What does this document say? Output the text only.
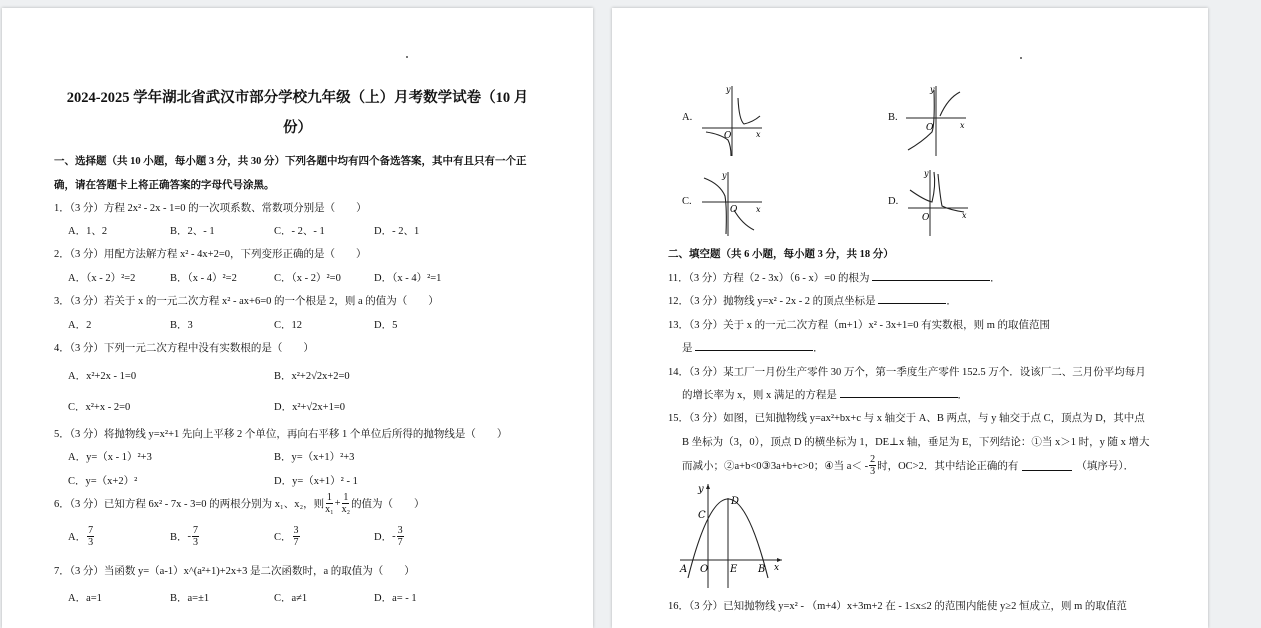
2024-2025 学年湖北省武汉市部分学校九年级（上）月考数学试卷（10 月
份）
一、选择题（共 10 小题，每小题 3 分，共 30 分）下列各题中均有四个备选答案，其中有且只有一个正
确，请在答题卡上将正确答案的字母代号涂黑。
1．（3 分）方程 2x² - 2x - 1=0 的一次项系数、常数项分别是（　　）
A．1、2	B．2、- 1	C．- 2、- 1	D．- 2、1
2．（3 分）用配方法解方程 x² - 4x+2=0，下列变形正确的是（　　）
A．（x - 2）²=2	B．（x - 4）²=2	C．（x - 2）²=0	D．（x - 4）²=1
3．（3 分）若关于 x 的一元二次方程 x² - ax+6=0 的一个根是 2，则 a 的值为（　　）
A．2	B．3	C．12	D．5
4．（3 分）下列一元二次方程中没有实数根的是（　　）
A．x²+2x - 1=0	B．x²+2√2x+2=0
C．x²+x - 2=0	D．x²+√2x+1=0
5．（3 分）将抛物线 y=x²+1 先向上平移 2 个单位，再向右平移 1 个单位后所得的抛物线是（　　）
A．y=（x - 1）²+3	B．y=（x+1）²+3
C．y=（x+2）²	D．y=（x+1）² - 1
6．（3 分）已知方程 6x² - 7x - 3=0 的两根分别为 x₁、x₂，则 $\frac{1}{\text{x₁}} + \frac{1}{\text{x₂}}$ 的值为（　　）
A． $\frac{7}{3}$	B． - $\frac{7}{3}$	C． $\frac{3}{7}$	D． - $\frac{3}{7}$
7．（3 分）当函数 y=（a-1）x^(a²+1)+2x+3 是二次函数时，a 的取值为（　　）
A．a=1	B．a=±1	C．a≠1	D．a= - 1
A.
y
O	x
B.
y
O	x
C.
y
O x
D.
y
O	x
二、填空题（共 6 小题，每小题 3 分，共 18 分）
11．（3 分）方程（2 - 3x）（6 - x）=0 的根为	．
12．（3 分）抛物线 y=x² - 2x - 2 的顶点坐标是	．
13．（3 分）关于 x 的一元二次方程（m+1）x² - 3x+1=0 有实数根，则 m 的取值范围
是	．
14．（3 分）某工厂一月份生产零件 30 万个，第一季度生产零件 152.5 万个．设该厂二、三月份平均每月
的增长率为 x，则 x 满足的方程是	．
15．（3 分）如图，已知抛物线 y=ax²+bx+c 与 x 轴交于 A、B 两点，与 y 轴交于点 C，顶点为 D，其中点
B 坐标为（3，0），顶点 D 的横坐标为 1，DE⊥x 轴，垂足为 E，下列结论：①当 x＞1 时，y 随 x 增大
而减小；②a+b<0③3a+b+c>0；④当 $a< - \frac{2}{3}$ 时，OC>2．其中结论正确的有	（填序号）．
y
D
C
A O E B x
16．（3 分）已知抛物线 y=x² - （m+4）x+3m+2 在 - 1≤x≤2 的范围内能使 y≥2 恒成立，则 m 的取值范
